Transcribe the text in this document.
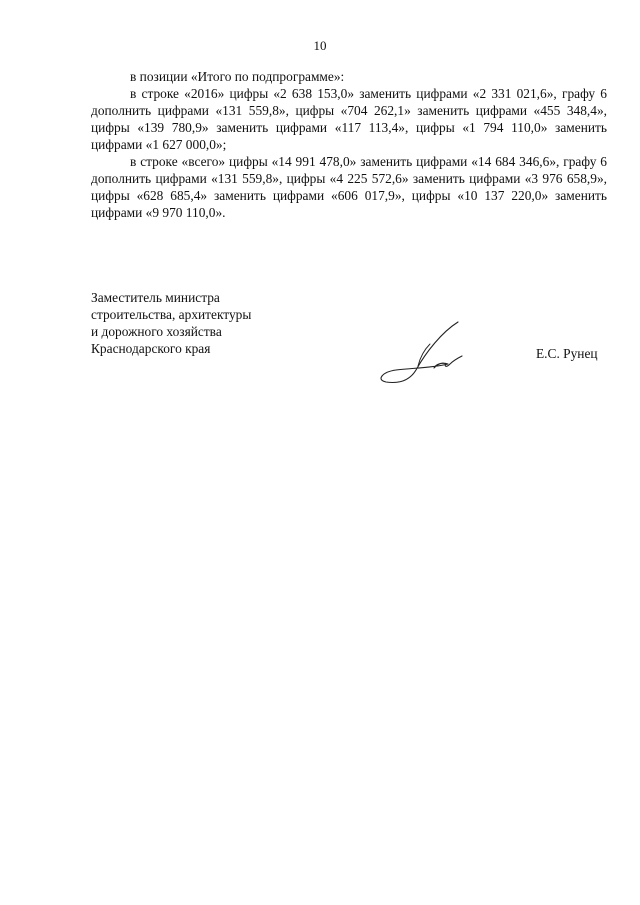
10

в позиции «Итого по подпрограмме»:

в строке «2016» цифры «2 638 153,0» заменить цифрами «2 331 021,6», графу 6 дополнить цифрами «131 559,8», цифры «704 262,1» заменить цифрами «455 348,4», цифры «139 780,9» заменить цифрами «117 113,4», цифры «1 794 110,0» заменить цифрами «1 627 000,0»;

в строке «всего» цифры «14 991 478,0» заменить цифрами «14 684 346,6», графу 6 дополнить цифрами «131 559,8», цифры «4 225 572,6» заменить цифрами «3 976 658,9», цифры «628 685,4» заменить цифрами «606 017,9», цифры «10 137 220,0» заменить цифрами «9 970 110,0».

Заместитель министра
строительства, архитектуры
и дорожного хозяйства
Краснодарского края	Е.С. Рунец
